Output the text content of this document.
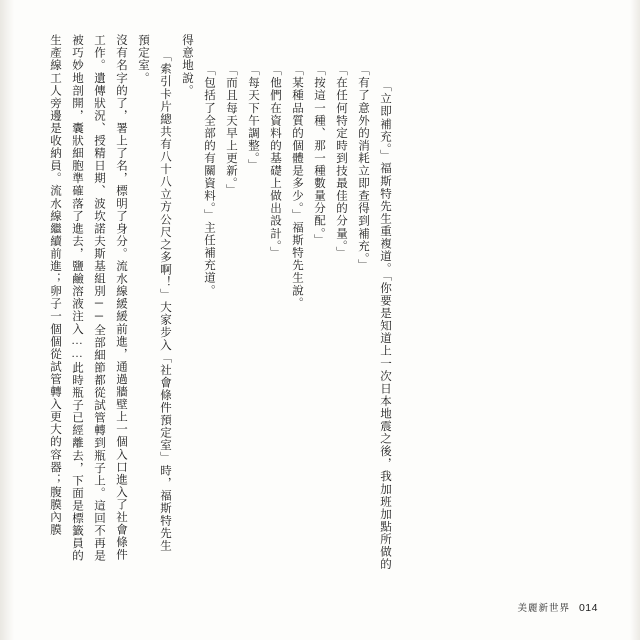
生產線工人旁邊是收納員。流水線繼續前進；卵子一個個從試管轉入更大的容器；腹膜內膜 被巧妙地剖開，囊狀細胞準確落了進去，鹽鹼溶液注入……此時瓶子已經離去，下面是標籤員的 工作。遺傳狀況、授精日期、波坎諾夫斯基組別──全部細節都從試管轉到瓶子上。這回不再是 沒有名字的了，署上了名，標明了身分。流水線緩緩前進，通過牆壁上一個入口進入了社會條件 預定室。 「索引卡片總共有八十八立方公尺之多啊！」大家步入「社會條件預定室」時，福斯特先生 得意地說。 「包括了全部的有關資料。」主任補充道。 「而且每天早上更新。」 「每天下午調整。」 「他們在資料的基礎上做出設計。」 「某種品質的個體是多少。」福斯特先生說。 「按這一種、那一種數量分配。」 「在任何特定時到技最佳的分量。」 「有了意外的消耗立即查得到補充。」 「立即補充。」福斯特先生重複道。「你要是知道上一次日本地震之後，我加班加點所做的
美麗新世界 014
